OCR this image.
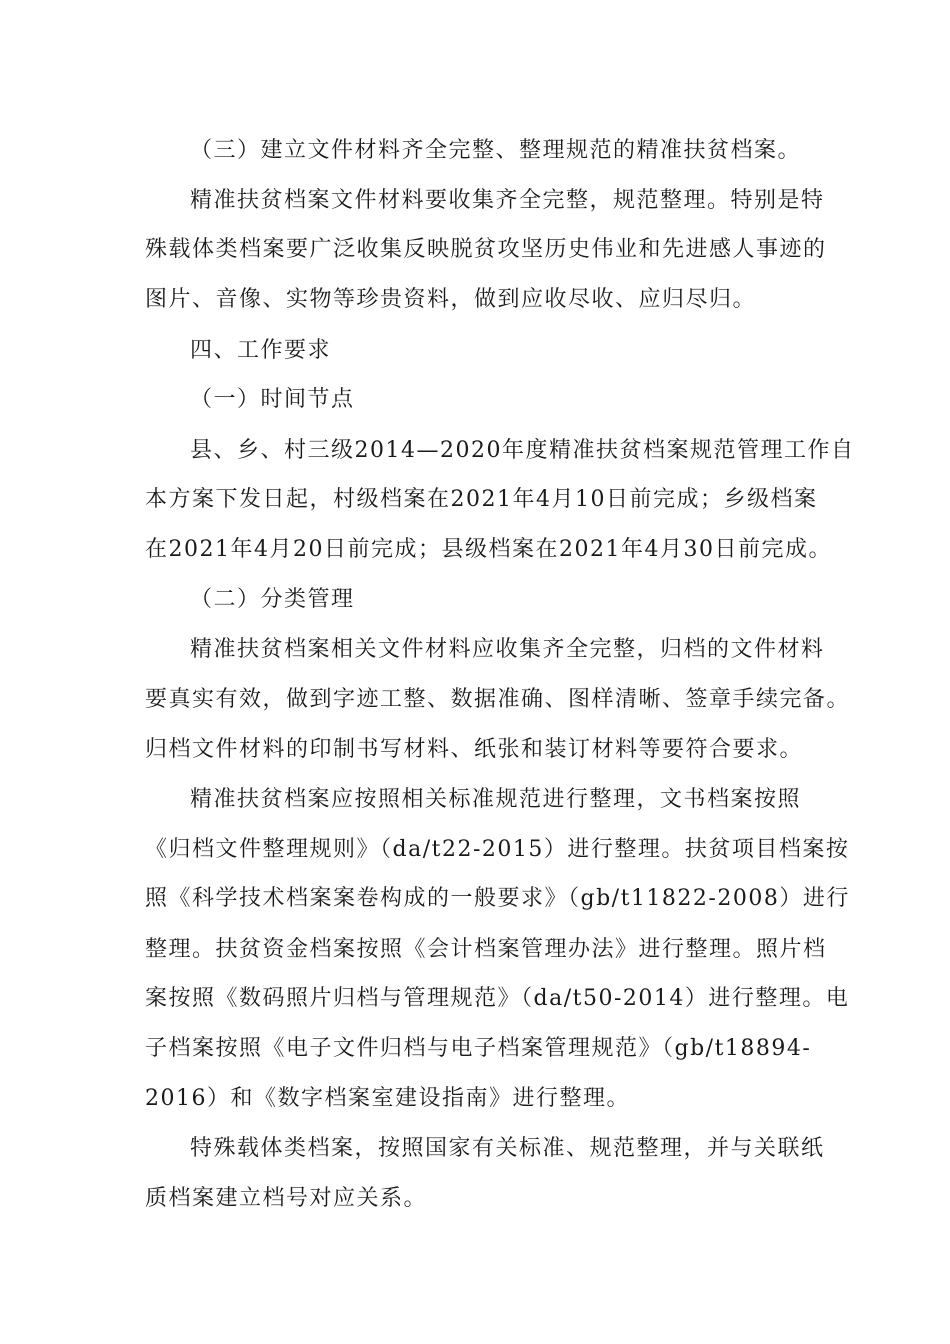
（三）建立文件材料齐全完整、整理规范的精准扶贫档案。
精准扶贫档案文件材料要收集齐全完整，规范整理。特别是特
殊载体类档案要广泛收集反映脱贫攻坚历史伟业和先进感人事迹的
图片、音像、实物等珍贵资料，做到应收尽收、应归尽归。
四、工作要求
（一）时间节点
县、乡、村三级2014—2020年度精准扶贫档案规范管理工作自
本方案下发日起，村级档案在2021年4月10日前完成；乡级档案
在2021年4月20日前完成；县级档案在2021年4月30日前完成。
（二）分类管理
精准扶贫档案相关文件材料应收集齐全完整，归档的文件材料
要真实有效，做到字迹工整、数据准确、图样清晰、签章手续完备。
归档文件材料的印制书写材料、纸张和装订材料等要符合要求。
精准扶贫档案应按照相关标准规范进行整理，文书档案按照
《归档文件整理规则》（da/t22-2015）进行整理。扶贫项目档案按
照《科学技术档案案卷构成的一般要求》（gb/t11822-2008）进行
整理。扶贫资金档案按照《会计档案管理办法》进行整理。照片档
案按照《数码照片归档与管理规范》（da/t50-2014）进行整理。电
子档案按照《电子文件归档与电子档案管理规范》（gb/t18894-
2016）和《数字档案室建设指南》进行整理。
特殊载体类档案，按照国家有关标准、规范整理，并与关联纸
质档案建立档号对应关系。
